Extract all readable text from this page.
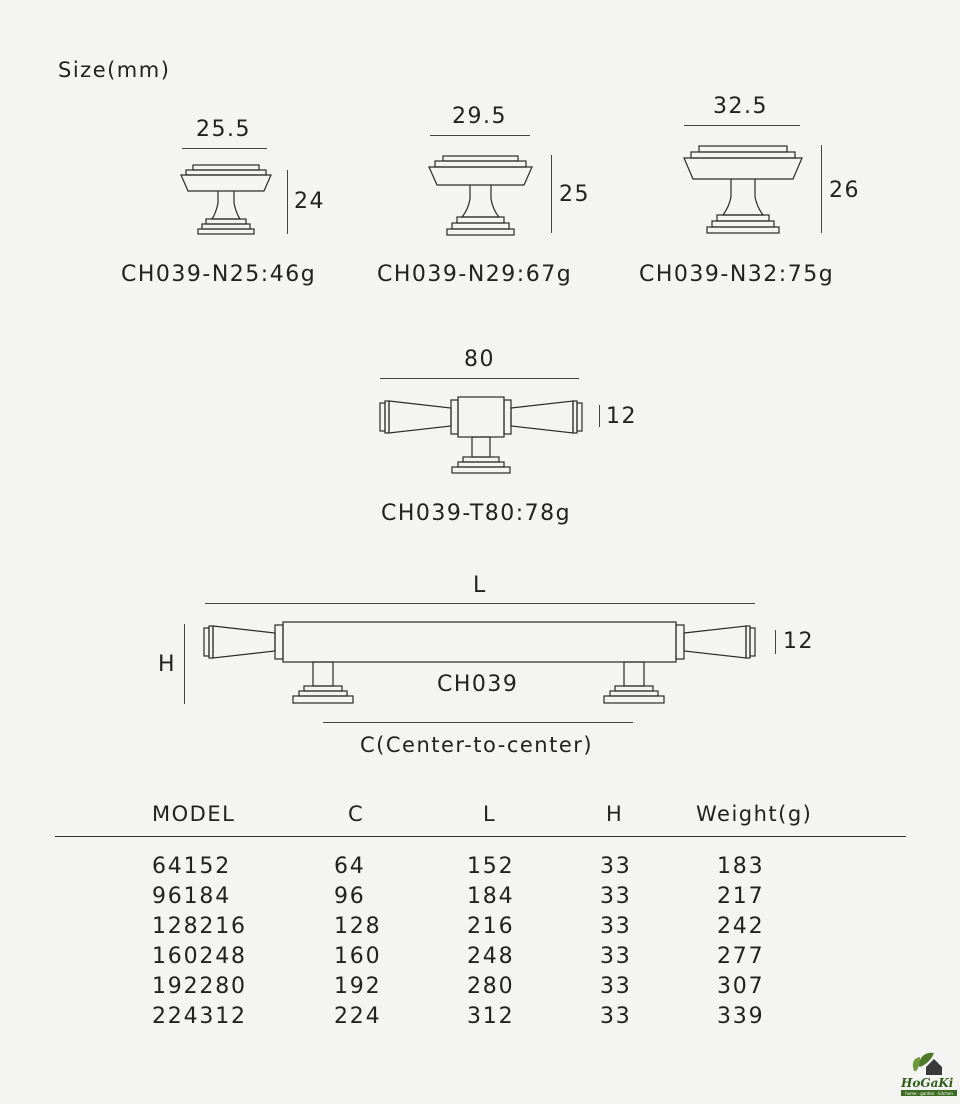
Size(mm)
25.5
24
CH039-N25:46g
29.5
25
CH039-N29:67g
32.5
26
CH039-N32:75g
80
12
CH039-T80:78g
L
H
12
CH039
C(Center-to-center)
MODEL	C	L	H	Weight(g)
64152	64	152	33	183
96184	96	184	33	217
128216	128	216	33	242
160248	160	248	33	277
192280	192	280	33	307
224312	224	312	33	339
HoGaKi
home · garden · kitchen
